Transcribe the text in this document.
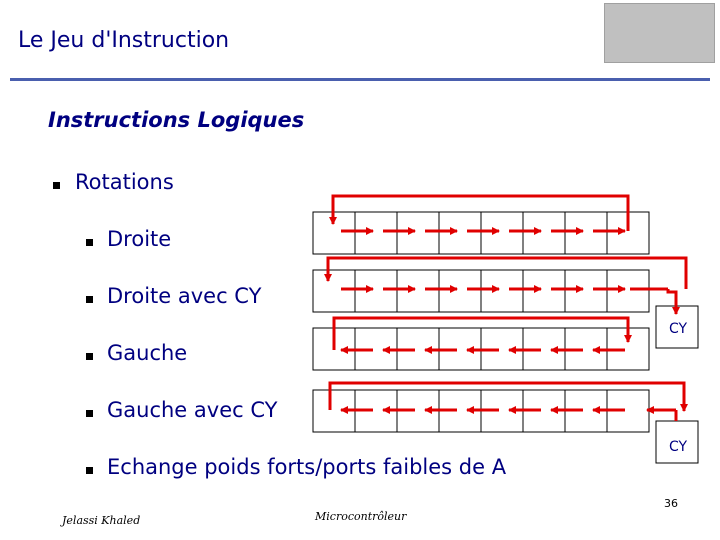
Le Jeu d'Instruction
Instructions Logiques
Rotations
Droite
Droite avec CY
Gauche
Gauche avec CY
Echange poids forts/ports faibles de A
CY
CY
Jelassi Khaled	Microcontrôleur
36
